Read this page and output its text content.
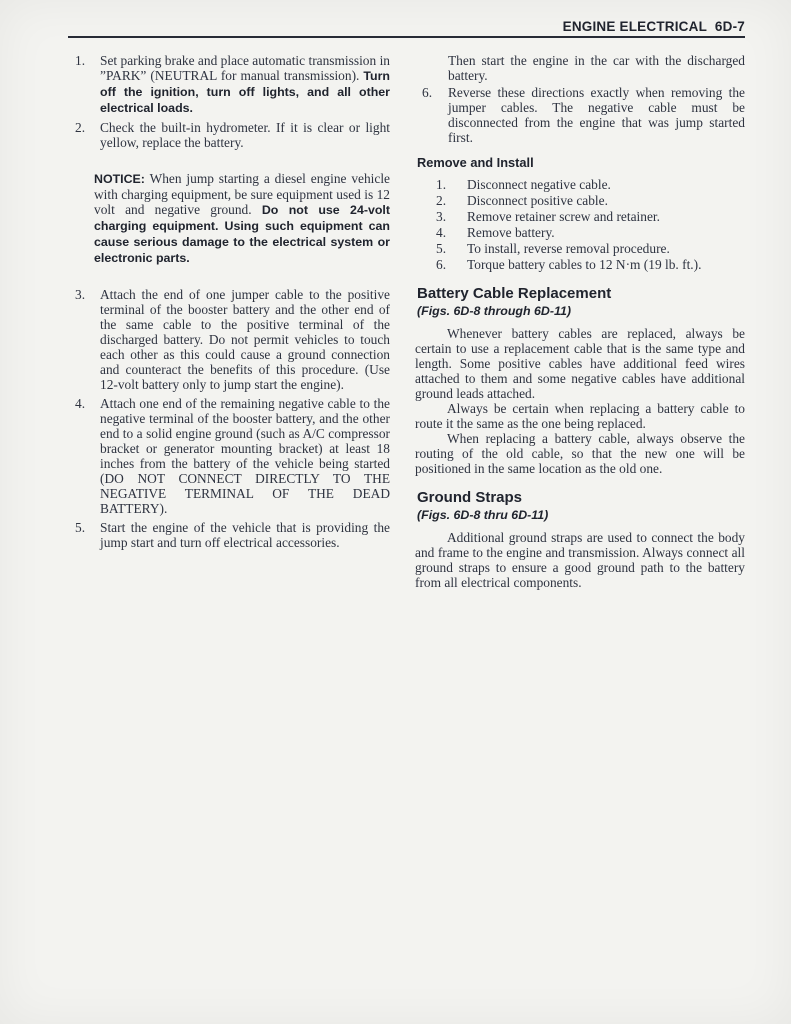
ENGINE ELECTRICAL  6D-7
1.	Set parking brake and place automatic transmission in ”PARK” (NEUTRAL for manual transmission). Turn off the ignition, turn off lights, and all other electrical loads.
2.	Check the built-in hydrometer. If it is clear or light yellow, replace the battery.
NOTICE: When jump starting a diesel engine vehicle with charging equipment, be sure equipment used is 12 volt and negative ground. Do not use 24-volt charging equipment. Using such equipment can cause serious damage to the electrical system or electronic parts.
3.	Attach the end of one jumper cable to the positive terminal of the booster battery and the other end of the same cable to the positive terminal of the discharged battery. Do not permit vehicles to touch each other as this could cause a ground connection and counteract the benefits of this procedure. (Use 12-volt battery only to jump start the engine).
4.	Attach one end of the remaining negative cable to the negative terminal of the booster battery, and the other end to a solid engine ground (such as A/C compressor bracket or generator mounting bracket) at least 18 inches from the battery of the vehicle being started (DO NOT CONNECT DIRECTLY TO THE NEGATIVE TERMINAL OF THE DEAD BATTERY).
5.	Start the engine of the vehicle that is providing the jump start and turn off electrical accessories.

Then start the engine in the car with the discharged battery.

6.	Reverse these directions exactly when removing the jumper cables. The negative cable must be disconnected from the engine that was jump started first.
Remove and Install
1.	Disconnect negative cable.
2.	Disconnect positive cable.
3.	Remove retainer screw and retainer.
4.	Remove battery.
5.	To install, reverse removal procedure.
6.	Torque battery cables to 12 N·m (19 lb. ft.).
Battery Cable Replacement
(Figs. 6D-8 through 6D-11)

Whenever battery cables are replaced, always be certain to use a replacement cable that is the same type and length. Some positive cables have additional feed wires attached to them and some negative cables have additional ground leads attached.

Always be certain when replacing a battery cable to route it the same as the one being replaced.

When replacing a battery cable, always observe the routing of the old cable, so that the new one will be positioned in the same location as the old one.

Ground Straps
(Figs. 6D-8 thru 6D-11)

Additional ground straps are used to connect the body and frame to the engine and transmission. Always connect all ground straps to ensure a good ground path to the battery from all electrical components.
